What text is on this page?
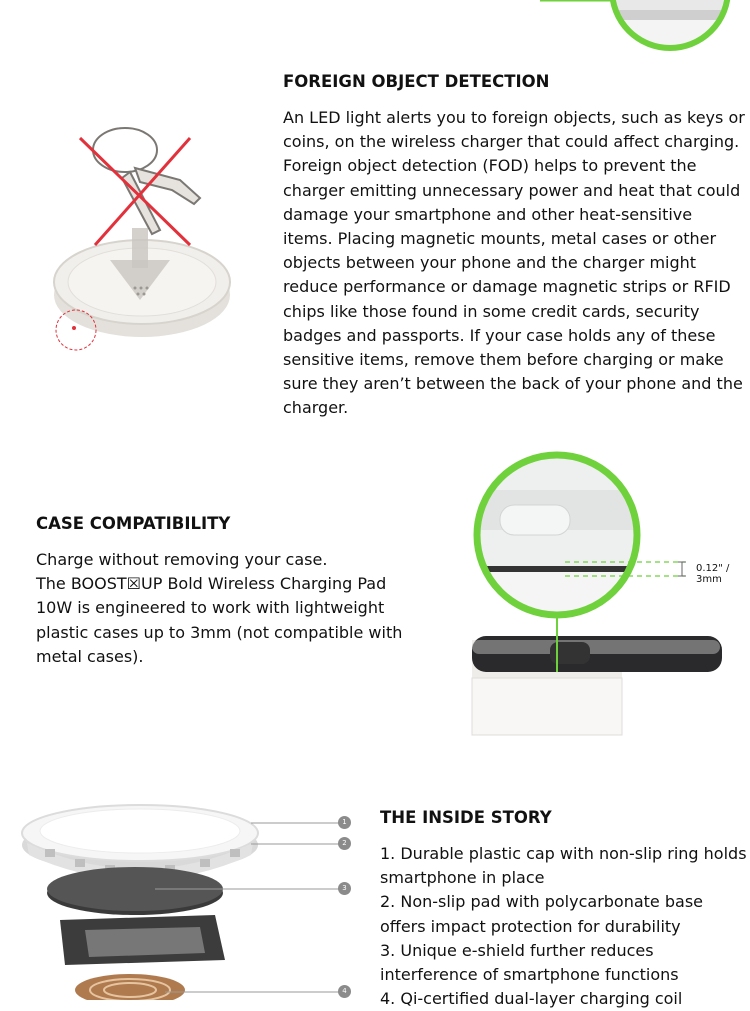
FOREIGN OBJECT DETECTION

An LED light alerts you to foreign objects, such as keys or coins, on the wireless charger that could affect charging. Foreign object detection (FOD) helps to prevent the charger emitting unnecessary power and heat that could damage your smartphone and other heat-sensitive items. Placing magnetic mounts, metal cases or other objects between your phone and the charger might reduce performance or damage magnetic strips or RFID chips like those found in some credit cards, security badges and passports. If your case holds any of these sensitive items, remove them before charging or make sure they aren’t between the back of your phone and the charger.

CASE COMPATIBILITY

Charge without removing your case.

The BOOST☒UP Bold Wireless Charging Pad 10W is engineered to work with lightweight plastic cases up to 3mm (not compatible with metal cases).

0.12" /
3mm
1
2
3
4
THE INSIDE STORY

1. Durable plastic cap with non-slip ring holds smartphone in place

2. Non-slip pad with polycarbonate base offers impact protection for durability

3. Unique e-shield further reduces interference of smartphone functions

4. Qi-certified dual-layer charging coil
